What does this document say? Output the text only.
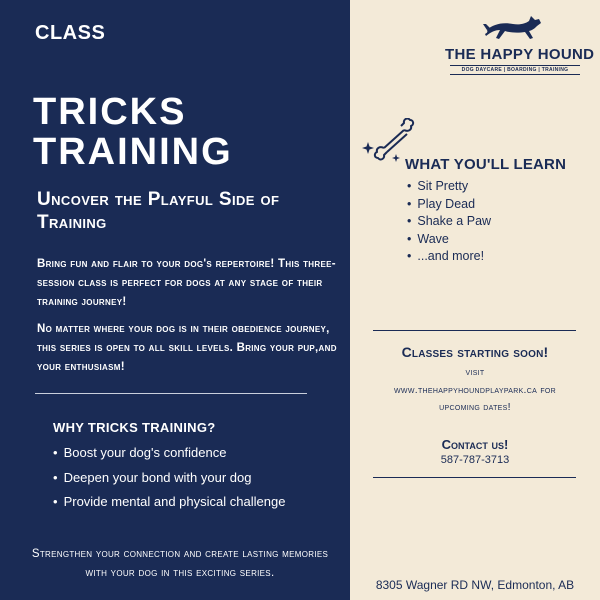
CLASS
TRICKS
TRAINING
Uncover the Playful Side of Training
Bring fun and flair to your dog's repertoire! This three-session class is perfect for dogs at any stage of their training journey!
No matter where your dog is in their obedience journey, this series is open to all skill levels. Bring your pup,and your enthusiasm!
WHY TRICKS TRAINING?
• Boost your dog's confidence
• Deepen your bond with your dog
• Provide mental and physical challenge
Strengthen your connection and create lasting memories with your dog in this exciting series.
THE HAPPY HOUND
DOG DAYCARE | BOARDING | TRAINING
WHAT YOU'LL LEARN
• Sit Pretty
• Play Dead
• Shake a Paw
• Wave
• ...and more!
Classes starting soon!
visit
www.thehappyhoundplaypark.ca for
upcoming dates!
Contact us!
587-787-3713
8305 Wagner RD NW, Edmonton, AB
